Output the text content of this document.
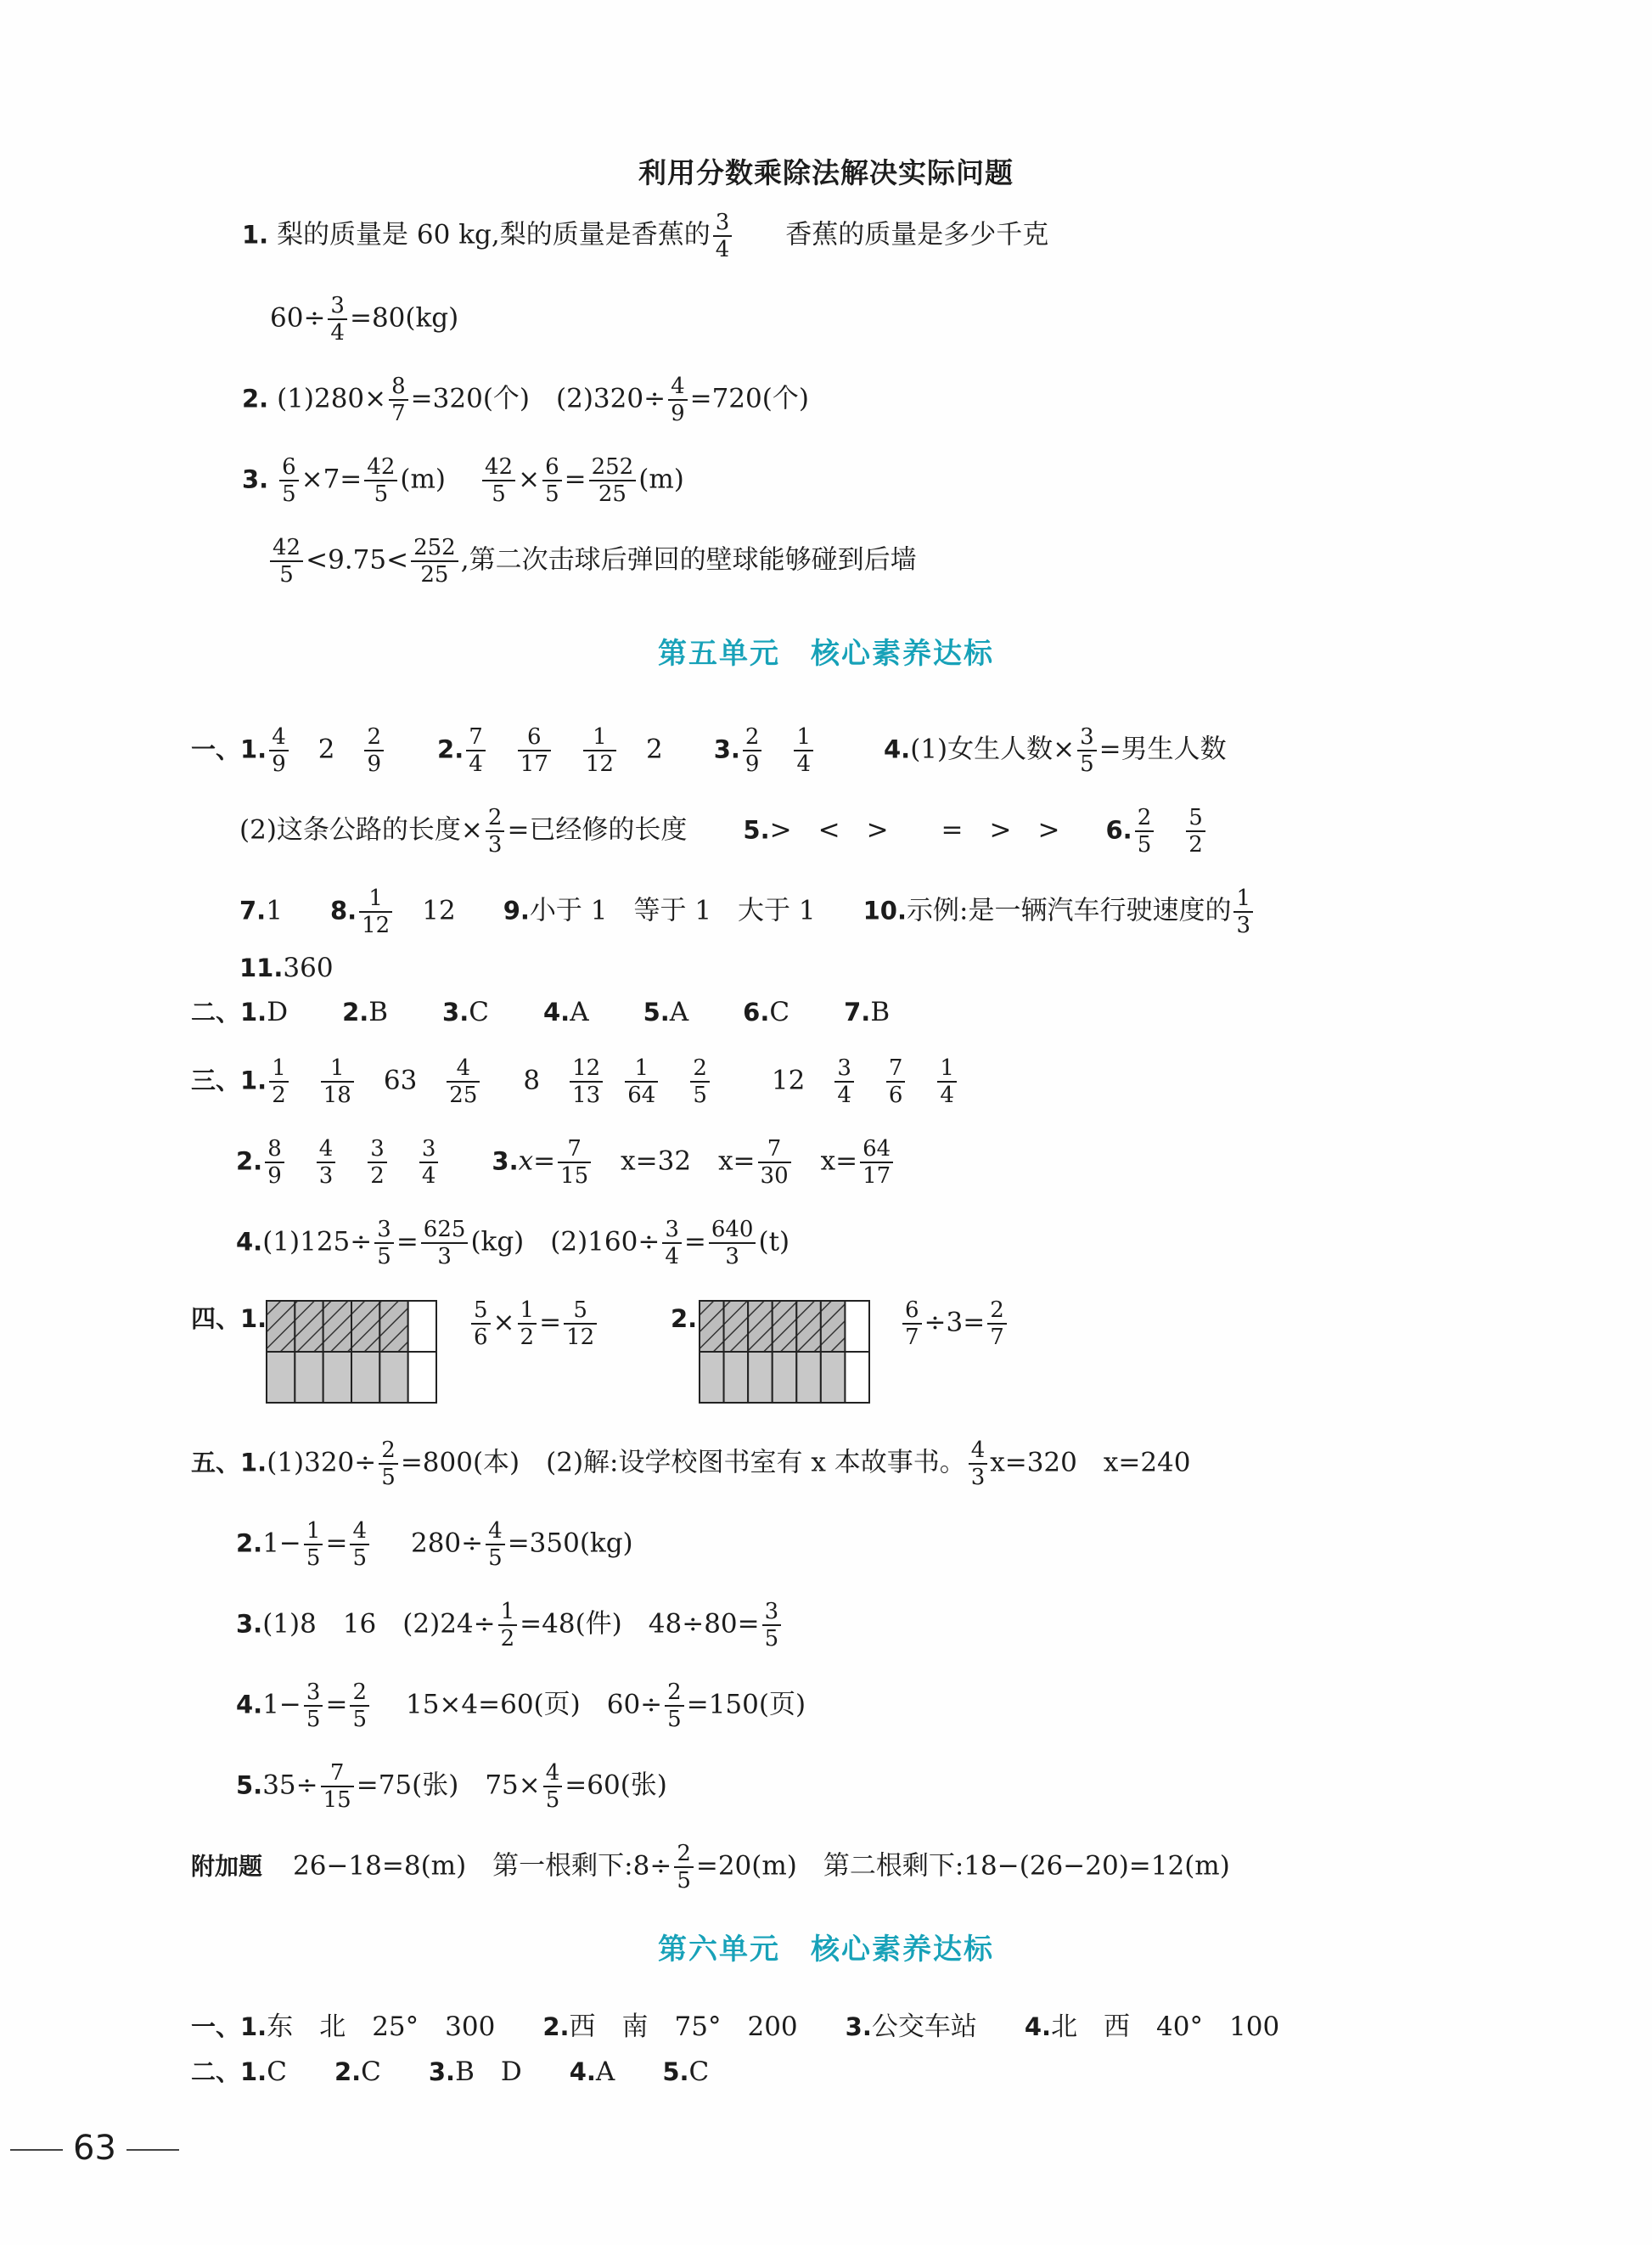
利用分数乘除法解决实际问题
1. 梨的质量是 60 kg,梨的质量是香蕉的 $\frac{3}{4}$ 香蕉的质量是多少千克
$60\div \frac{3}{4} =80(kg)$
2. $(1)280\times \frac{8}{7} =320$(个)　$(2)320\div \frac{4}{9} =720$(个)
3. $\frac{6}{5} \times 7= \frac{42}{5} (m) \frac{42}{5} \times \frac{6}{5} = \frac{252}{25} (m)$
$\frac{42}{5} <9.75< \frac{252}{25}$ ,第二次击球后弹回的壁球能够碰到后墙
第五单元　核心素养达标
一、1. $\frac{4}{9} 2 \frac{2}{9} 2$. $\frac{7}{4} \frac{6}{17} \frac{1}{12} 2$ 3. $\frac{2}{9} \frac{1}{4}$	4.(1)女生人数× $\frac{3}{5}$ =男生人数
(2)这条公路的长度× $\frac{2}{3}$ =已经修的长度 5.>　<　>　　=　>　> 6. $\frac{2}{5} \frac{5}{2}$
7.1 8. $\frac{1}{12} 12$ 9.小于 1　等于 1　大于 1 10.示例:是一辆汽车行驶速度的 $\frac{1}{3}$
11.360
二、1.D 2.B 3.C 4.A 5.A 6.C 7.B
三、1. $\frac{1}{2} \frac{1}{18} 63 \frac{4}{25} 8 \frac{12}{13} \frac{1}{64} \frac{2}{5} 12 \frac{3}{4} \frac{7}{6} \frac{1}{4}$
2. $\frac{8}{9} \frac{4}{3} \frac{3}{2} \frac{3}{4} 3.x= \frac{7}{15} x=32$ $x= \frac{7}{30} x= \frac{64}{17}$
$4.(1)125\div \frac{3}{5} = \frac{625}{3} (kg)$　$(2)160\div \frac{3}{4} = \frac{640}{3} (t)$
四、1.	$\frac{5}{6} \times \frac{1}{2} = \frac{5}{12}$	2.	$\frac{6}{7} \div 3= \frac{2}{7}$
五、$1.(1)320\div \frac{2}{5} =800$(本)　(2)解:设学校图书室有 x 本故事书。 $\frac{4}{3} x=320$　x=240
$2.1- \frac{1}{5} = \frac{4}{5} 280\div \frac{4}{5} =350(kg)$
3.(1)8　16　$(2)24\div \frac{1}{2} =48$(件)　$48\div 80= \frac{3}{5}$
$4.1- \frac{3}{5} = \frac{2}{5} 15\times 4=60$(页)　$60\div \frac{2}{5} =150$(页)
$5.35\div \frac{7}{15} =75$(张)　$75\times \frac{4}{5} =60$(张)
附加题 26−18=8(m)　第一根剩下:8÷ $\frac{2}{5} =20(m)$　第二根剩下:18−(26−20)=12(m)
第六单元　核心素养达标
一、1.东　北　25°　300 2.西　南　75°　200 3.公交车站 4.北　西　40°　100
二、1.C 2.C 3.B　D 4.A 5.C
63
